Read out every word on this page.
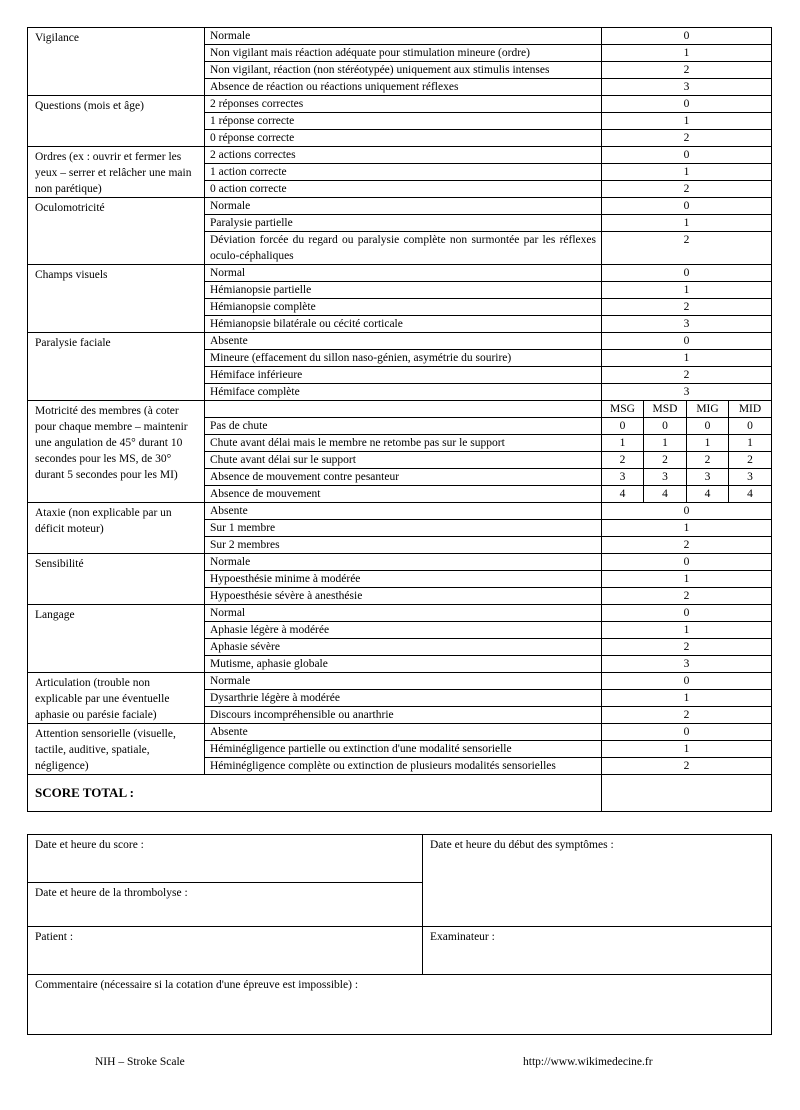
Vigilance	Normale	0			
	Non vigilant mais réaction adéquate pour stimulation mineure (ordre)	1			
	Non vigilant, réaction (non stéréotypée) uniquement aux stimulis intenses	2			
	Absence de réaction ou réactions uniquement réflexes	3			
Questions (mois et âge)	2 réponses correctes	0			
	1 réponse correcte	1			
	0 réponse correcte	2			
Ordres (ex : ouvrir et fermer les yeux – serrer et relâcher une main non parétique)	2 actions correctes	0			
	1 action correcte	1			
	0 action correcte	2			
Oculomotricité	Normale	0			
	Paralysie partielle	1			
	Déviation forcée du regard ou paralysie complète non surmontée par les réflexes oculo-céphaliques	2			
Champs visuels	Normal	0			
	Hémianopsie partielle	1			
	Hémianopsie complète	2			
	Hémianopsie bilatérale ou cécité corticale	3			
Paralysie faciale	Absente	0			
	Mineure (effacement du sillon naso-génien, asymétrie du sourire)	1			
	Hémiface inférieure	2			
	Hémiface complète	3			
Motricité des membres (à coter pour chaque membre – maintenir une angulation de 45° durant 10 secondes pour les MS, de 30° durant 5 secondes pour les MI)		MSG	MSD	MIG	MID
	Pas de chute	0	0	0	0
	Chute avant délai mais le membre ne retombe pas sur le support	1	1	1	1
	Chute avant délai sur le support	2	2	2	2
	Absence de mouvement contre pesanteur	3	3	3	3
	Absence de mouvement	4	4	4	4
Ataxie (non explicable par un déficit moteur)	Absente	0			
	Sur 1 membre	1			
	Sur 2 membres	2			
Sensibilité	Normale	0			
	Hypoesthésie minime à modérée	1			
	Hypoesthésie sévère à anesthésie	2			
Langage	Normal	0			
	Aphasie légère à modérée	1			
	Aphasie sévère	2			
	Mutisme, aphasie globale	3			
Articulation (trouble non explicable par une éventuelle aphasie ou parésie faciale)	Normale	0			
	Dysarthrie légère à modérée	1			
	Discours incompréhensible ou anarthrie	2			
Attention sensorielle (visuelle, tactile, auditive, spatiale, négligence)	Absente	0			
	Héminégligence partielle ou extinction d'une modalité sensorielle	1			
	Héminégligence complète ou extinction de plusieurs modalités sensorielles	2			
SCORE TOTAL :					
Date et heure du score :	Date et heure du début des symptômes :
Date et heure de la thrombolyse :	
Patient :	Examinateur :
Commentaire (nécessaire si la cotation d'une épreuve est impossible) :	
NIH – Stroke Scale	http://www.wikimedecine.fr
